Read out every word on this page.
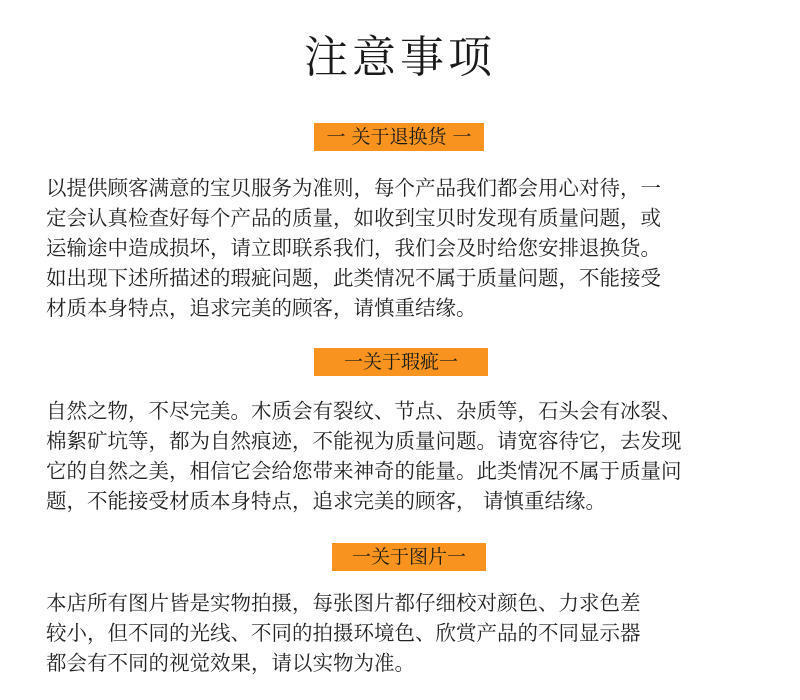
注意事项
一 关于退换货 一
以提供顾客满意的宝贝服务为准则，每个产品我们都会用心对待，一
定会认真检查好每个产品的质量，如收到宝贝时发现有质量问题，或
运输途中造成损坏，请立即联系我们，我们会及时给您安排退换货。
如出现下述所描述的瑕疵问题，此类情况不属于质量问题，不能接受
材质本身特点，追求完美的顾客，请慎重结缘。
一关于瑕疵一
自然之物，不尽完美。木质会有裂纹、节点、杂质等，石头会有冰裂、
棉絮矿坑等，都为自然痕迹，不能视为质量问题。请宽容待它，去发现
它的自然之美，相信它会给您带来神奇的能量。此类情况不属于质量问
题，不能接受材质本身特点，追求完美的顾客， 请慎重结缘。
一关于图片一
本店所有图片皆是实物拍摄，每张图片都仔细校对颜色、力求色差
较小，但不同的光线、不同的拍摄环境色、欣赏产品的不同显示器
都会有不同的视觉效果，请以实物为准。
